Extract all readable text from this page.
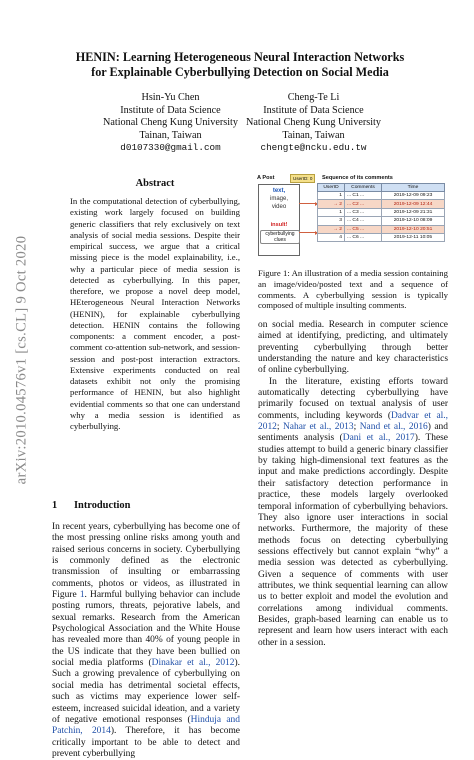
HENIN: Learning Heterogeneous Neural Interaction Networks
for Explainable Cyberbullying Detection on Social Media
Hsin-Yu Chen
Institute of Data Science
National Cheng Kung University
Tainan, Taiwan
d0107330@gmail.com
Cheng-Te Li
Institute of Data Science
National Cheng Kung University
Tainan, Taiwan
chengte@ncku.edu.tw
arXiv:2010.04576v1 [cs.CL] 9 Oct 2020
Abstract
In the computational detection of cyberbullying, existing work largely focused on building generic classifiers that rely exclusively on text analysis of social media sessions. Despite their empirical success, we argue that a critical missing piece is the model explainability, i.e., why a particular piece of media session is detected as cyberbullying. In this paper, therefore, we propose a novel deep model, HEterogeneous Neural Interaction Networks (HENIN), for explainable cyberbullying detection. HENIN contains the following components: a comment encoder, a post-comment co-attention sub-network, and session-session and post-post interaction extractors. Extensive experiments conducted on real datasets exhibit not only the promising performance of HENIN, but also highlight evidential comments so that one can understand why a media session is identified as cyberbullying.
A Post	UserID: 0	Sequence of its comments
text,
image,
video
insult!
cyberbullying clues
UserID	Comments	Time
1	... C1 ...	2019-12-09 09:23
→ 2	... C2 ...	2019-12-09 12:44
1	... C3 ...	2019-12-09 21:31
3	... C4 ...	2019-12-10 08:09
→ 2	... C5 ...	2019-12-10 20:51
4	... C6 ...	2019-12-11 10:05
Figure 1: An illustration of a media session containing an image/video/posted text and a sequence of comments. A cyberbullying session is typically composed of multiple insulting comments.

on social media. Research in computer science aimed at identifying, predicting, and ultimately preventing cyberbullying through better understanding the nature and key characteristics of online cyberbullying.

In the literature, existing efforts toward automatically detecting cyberbullying have primarily focused on textual analysis of user comments, including keywords (Dadvar et al., 2012; Nahar et al., 2013; Nand et al., 2016) and sentiments analysis (Dani et al., 2017). These studies attempt to build a generic binary classifier by taking high-dimensional text features as the input and make predictions accordingly. Despite their satisfactory detection performance in practice, these models largely overlooked temporal information of cyberbullying behaviors. They also ignore user interactions in social networks. Furthermore, the majority of these methods focus on detecting cyberbullying sessions effectively but cannot explain “why” a media session was detected as cyberbullying. Given a sequence of comments with user attributes, we think sequential learning can allow us to better exploit and model the evolution and correlations among individual comments. Besides, graph-based learning can enable us to represent and learn how users interact with each other in a session.

1 Introduction

In recent years, cyberbullying has become one of the most pressing online risks among youth and raised serious concerns in society. Cyberbullying is commonly defined as the electronic transmission of insulting or embarrassing comments, photos or videos, as illustrated in Figure 1. Harmful bullying behavior can include posting rumors, threats, pejorative labels, and sexual remarks. Research from the American Psychological Association and the White House has revealed more than 40% of young people in the US indicate that they have been bullied on social media platforms (Dinakar et al., 2012). Such a growing prevalence of cyberbullying on social media has detrimental societal effects, such as victims may experience lower self-esteem, increased suicidal ideation, and a variety of negative emotional responses (Hinduja and Patchin, 2014). Therefore, it has become critically important to be able to detect and prevent cyberbullying
